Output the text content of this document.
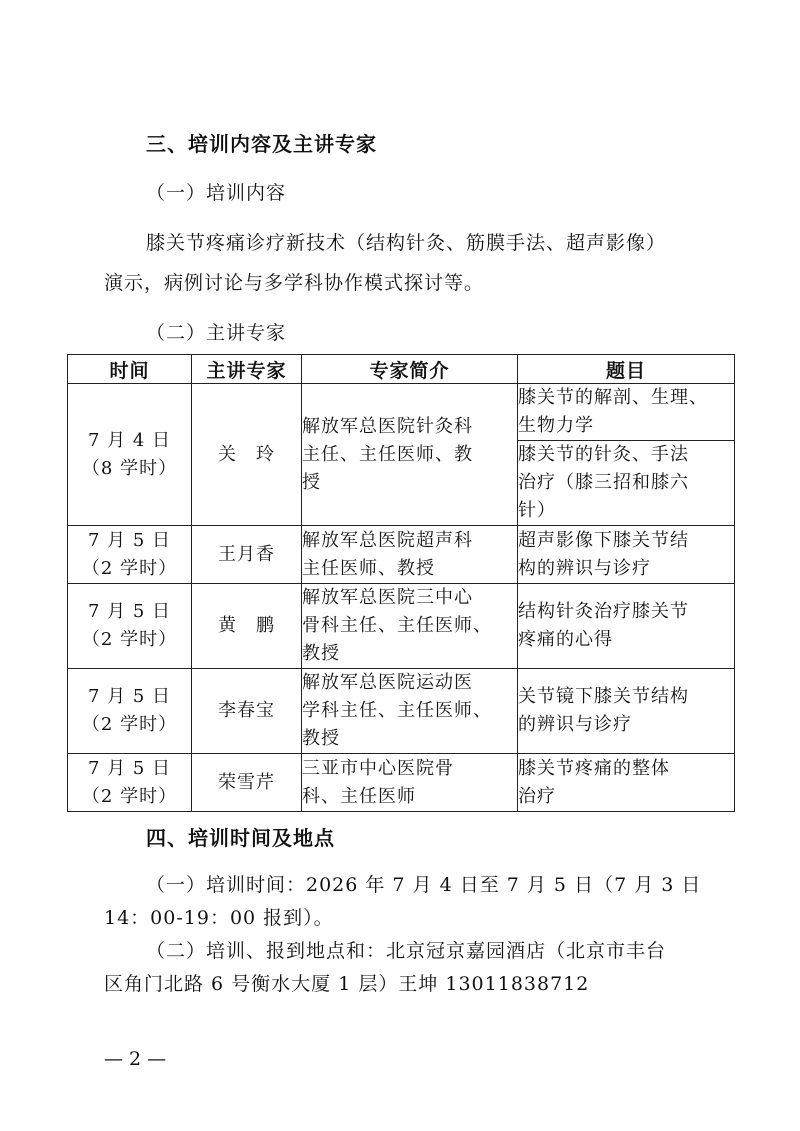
三、培训内容及主讲专家
（一）培训内容
膝关节疼痛诊疗新技术（结构针灸、筋膜手法、超声影像）
演示，病例讨论与多学科协作模式探讨等。
（二）主讲专家
时间	主讲专家	专家简介	题目

7 月 4 日
（8 学时）	关　玲	解放军总医院针灸科
主任、主任医师、教
授	膝关节的解剖、生理、
生物力学

			膝关节的针灸、手法
治疗（膝三招和膝六
针）

7 月 5 日
（2 学时）	王月香	解放军总医院超声科
主任医师、教授	超声影像下膝关节结
构的辨识与诊疗

7 月 5 日
（2 学时）	黄　鹏	解放军总医院三中心
骨科主任、主任医师、
教授	结构针灸治疗膝关节
疼痛的心得

7 月 5 日
（2 学时）	李春宝	解放军总医院运动医
学科主任、主任医师、
教授	关节镜下膝关节结构
的辨识与诊疗

7 月 5 日
（2 学时）	荣雪芹	三亚市中心医院骨
科、主任医师	膝关节疼痛的整体
治疗
四、培训时间及地点
（一）培训时间：2026 年 7 月 4 日至 7 月 5 日（7 月 3 日
14：00-19：00 报到）。
（二）培训、报到地点和：北京冠京嘉园酒店（北京市丰台
区角门北路 6 号衡水大厦 1 层）王坤 13011838712
— 2 —
